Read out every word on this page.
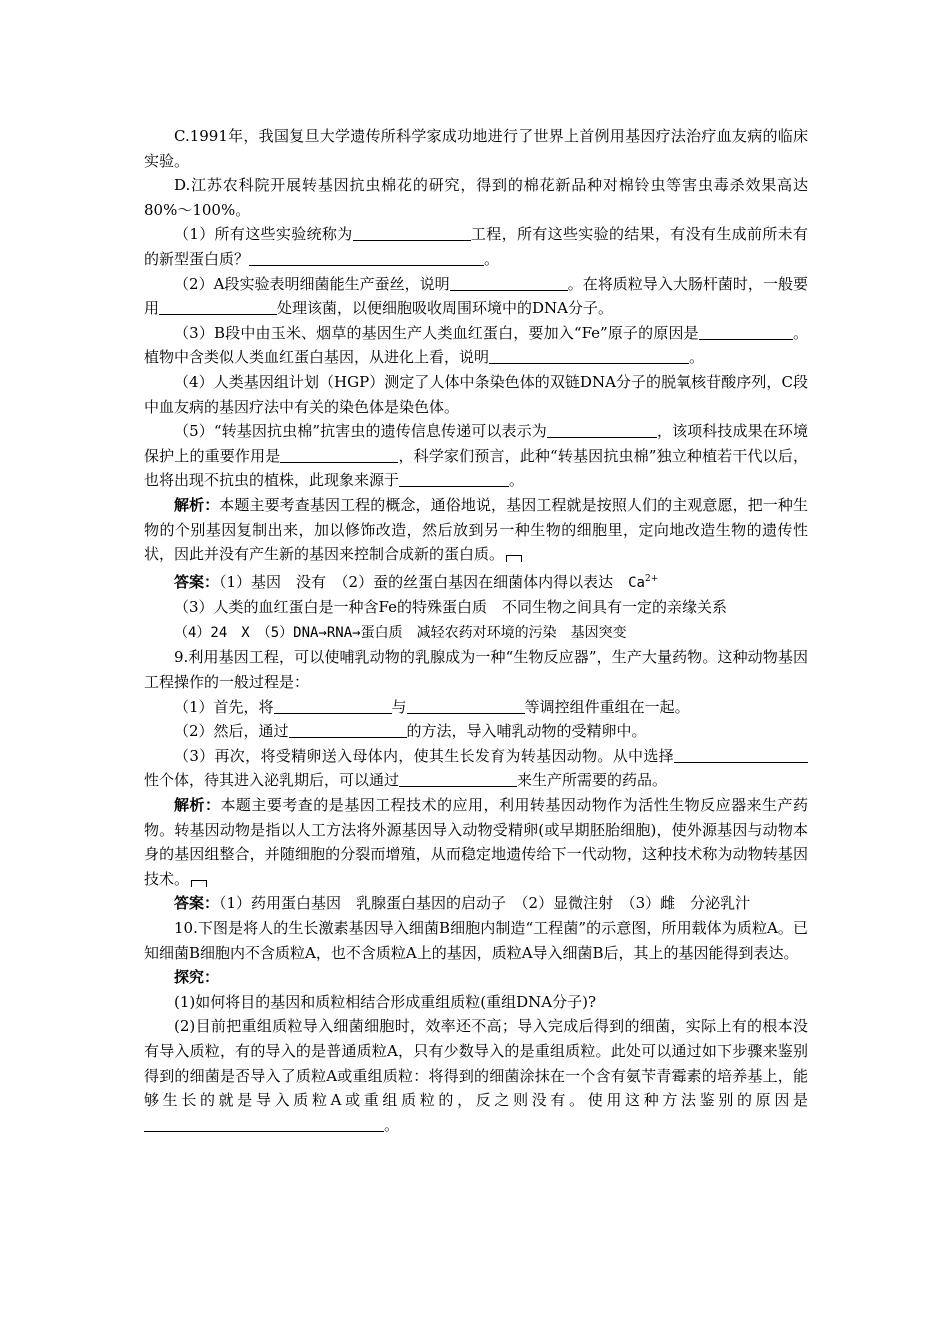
C.1991年，我国复旦大学遗传所科学家成功地进行了世界上首例用基因疗法治疗血友病的临床实验。

D.江苏农科院开展转基因抗虫棉花的研究，得到的棉花新品种对棉铃虫等害虫毒杀效果高达80%～100%。

（1）所有这些实验统称为	工程，所有这些实验的结果，有没有生成前所未有的新型蛋白质？	。

（2）A段实验表明细菌能生产蚕丝，说明	。在将质粒导入大肠杆菌时，一般要用	处理该菌，以便细胞吸收周围环境中的DNA分子。

（3）B段中由玉米、烟草的基因生产人类血红蛋白，要加入“Fe”原子的原因是	。植物中含类似人类血红蛋白基因，从进化上看，说明	。

（4）人类基因组计划（HGP）测定了人体中条染色体的双链DNA分子的脱氧核苷酸序列，C段中血友病的基因疗法中有关的染色体是染色体。

（5）“转基因抗虫棉”抗害虫的遗传信息传递可以表示为	，该项科技成果在环境保护上的重要作用是	，科学家们预言，此种“转基因抗虫棉”独立种植若干代以后，也将出现不抗虫的植株，此现象来源于	。

解析：本题主要考查基因工程的概念，通俗地说，基因工程就是按照人们的主观意愿，把一种生物的个别基因复制出来，加以修饰改造，然后放到另一种生物的细胞里，定向地改造生物的遗传性状，因此并没有产生新的基因来控制合成新的蛋白质。

答案：（1）基因　没有　（2）蚕的丝蛋白基因在细菌体内得以表达　$Ca^{2+}$

（3）人类的血红蛋白是一种含Fe的特殊蛋白质　不同生物之间具有一定的亲缘关系

（4）24　X　（5）DNA→RNA→蛋白质　减轻农药对环境的污染　基因突变

9.利用基因工程，可以使哺乳动物的乳腺成为一种“生物反应器”，生产大量药物。这种动物基因工程操作的一般过程是：

（1）首先，将	与	等调控组件重组在一起。

（2）然后，通过	的方法，导入哺乳动物的受精卵中。

（3）再次，将受精卵送入母体内，使其生长发育为转基因动物。从中选择性个体，待其进入泌乳期后，可以通过	来生产所需要的药品。

解析：本题主要考查的是基因工程技术的应用，利用转基因动物作为活性生物反应器来生产药物。转基因动物是指以人工方法将外源基因导入动物受精卵(或早期胚胎细胞)，使外源基因与动物本身的基因组整合，并随细胞的分裂而增殖，从而稳定地遗传给下一代动物，这种技术称为动物转基因技术。

答案：（1）药用蛋白基因　乳腺蛋白基因的启动子　（2）显微注射　（3）雌　分泌乳汁

10.下图是将人的生长激素基因导入细菌B细胞内制造“工程菌”的示意图，所用载体为质粒A。已知细菌B细胞内不含质粒A，也不含质粒A上的基因，质粒A导入细菌B后，其上的基因能得到表达。

探究：

(1)如何将目的基因和质粒相结合形成重组质粒(重组DNA分子)?

(2)目前把重组质粒导入细菌细胞时，效率还不高；导入完成后得到的细菌，实际上有的根本没有导入质粒，有的导入的是普通质粒A，只有少数导入的是重组质粒。此处可以通过如下步骤来鉴别得到的细菌是否导入了质粒A或重组质粒：将得到的细菌涂抹在一个含有氨苄青霉素的培养基上，能够生长的就是导入质粒A或重组质粒的，反之则没有。使用这种方法鉴别的原因是。
